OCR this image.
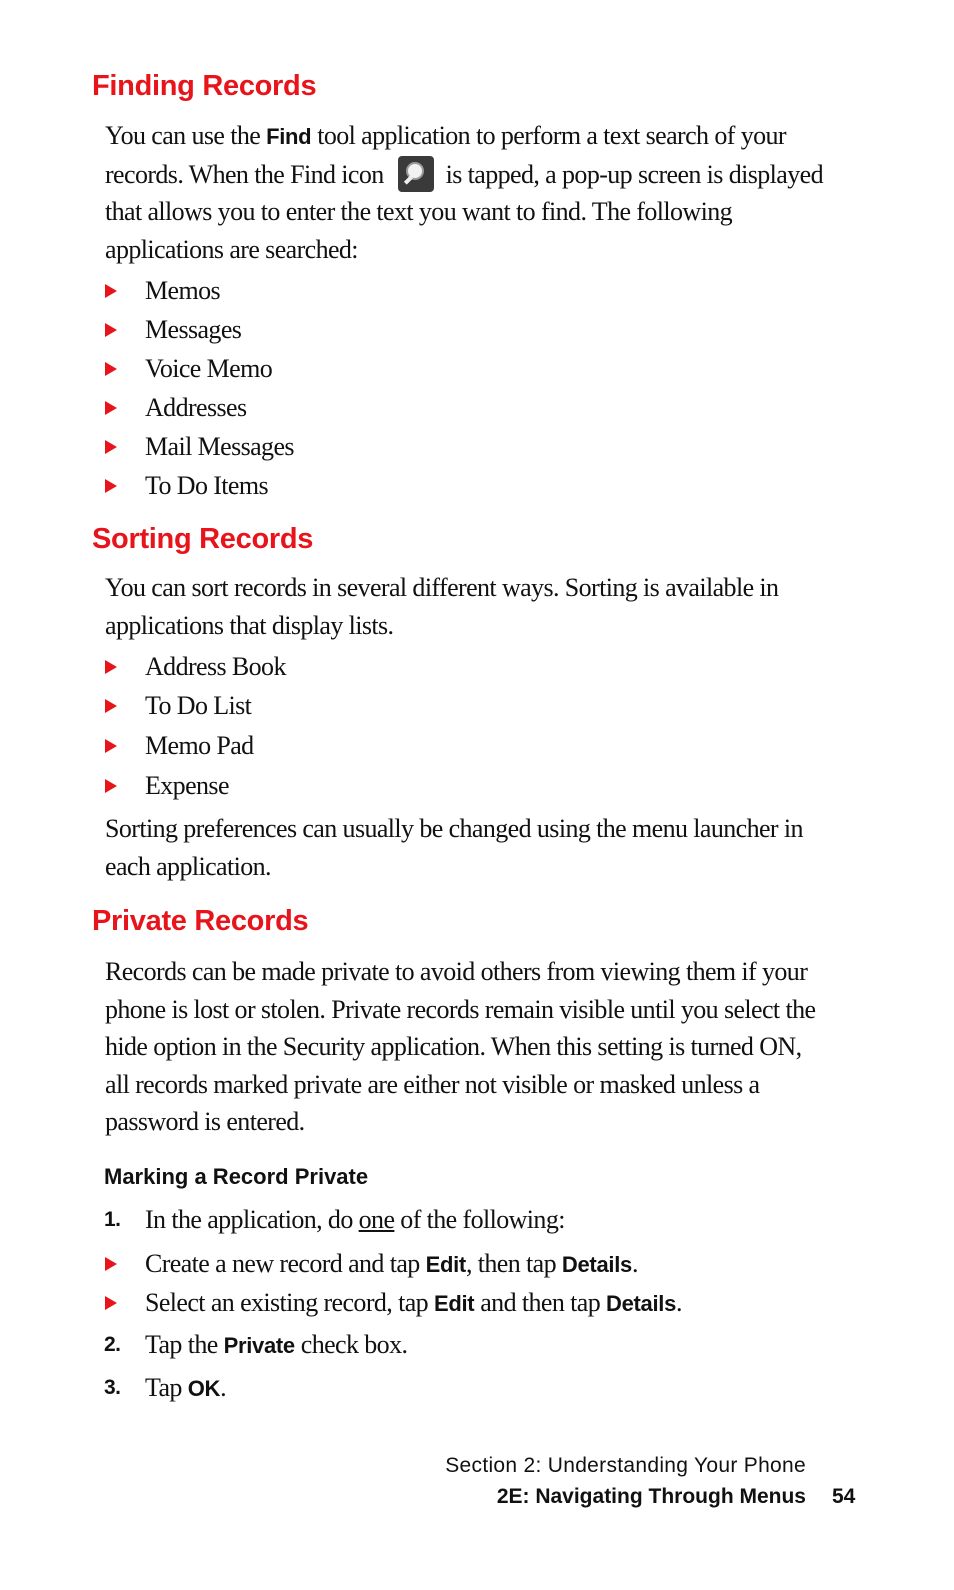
Finding Records

You can use the Find tool application to perform a text search of your records. When the Find icon is tapped, a pop-up screen is displayed that allows you to enter the text you want to find. The following applications are searched:

Memos
Messages
Voice Memo
Addresses
Mail Messages
To Do Items
Sorting Records

You can sort records in several different ways. Sorting is available in applications that display lists.

Address Book
To Do List
Memo Pad
Expense

Sorting preferences can usually be changed using the menu launcher in each application.

Private Records

Records can be made private to avoid others from viewing them if your phone is lost or stolen. Private records remain visible until you select the hide option in the Security application. When this setting is turned ON, all records marked private are either not visible or masked unless a password is entered.

Marking a Record Private
1. In the application, do one of the following:
Create a new record and tap Edit, then tap Details.
Select an existing record, tap Edit and then tap Details.
2. Tap the Private check box.
3. Tap OK.
Section 2: Understanding Your Phone
2E: Navigating Through Menus 54
